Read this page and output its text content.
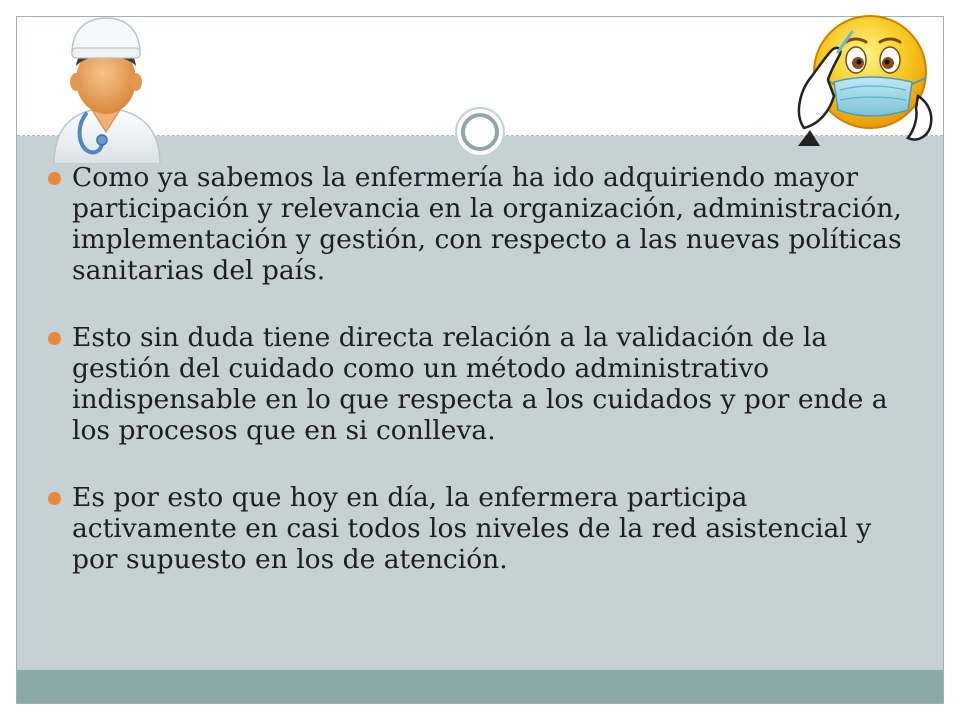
Como ya sabemos la enfermería ha ido adquiriendo mayor participación y relevancia en la organización, administración, implementación y gestión, con respecto a las nuevas políticas sanitarias del país.
Esto sin duda tiene directa relación a la validación de la gestión del cuidado como un método administrativo indispensable en lo que respecta a los cuidados y por ende a los procesos que en si conlleva.
Es por esto que hoy en día, la enfermera participa activamente en casi todos los niveles de la red asistencial y por supuesto en los de atención.
